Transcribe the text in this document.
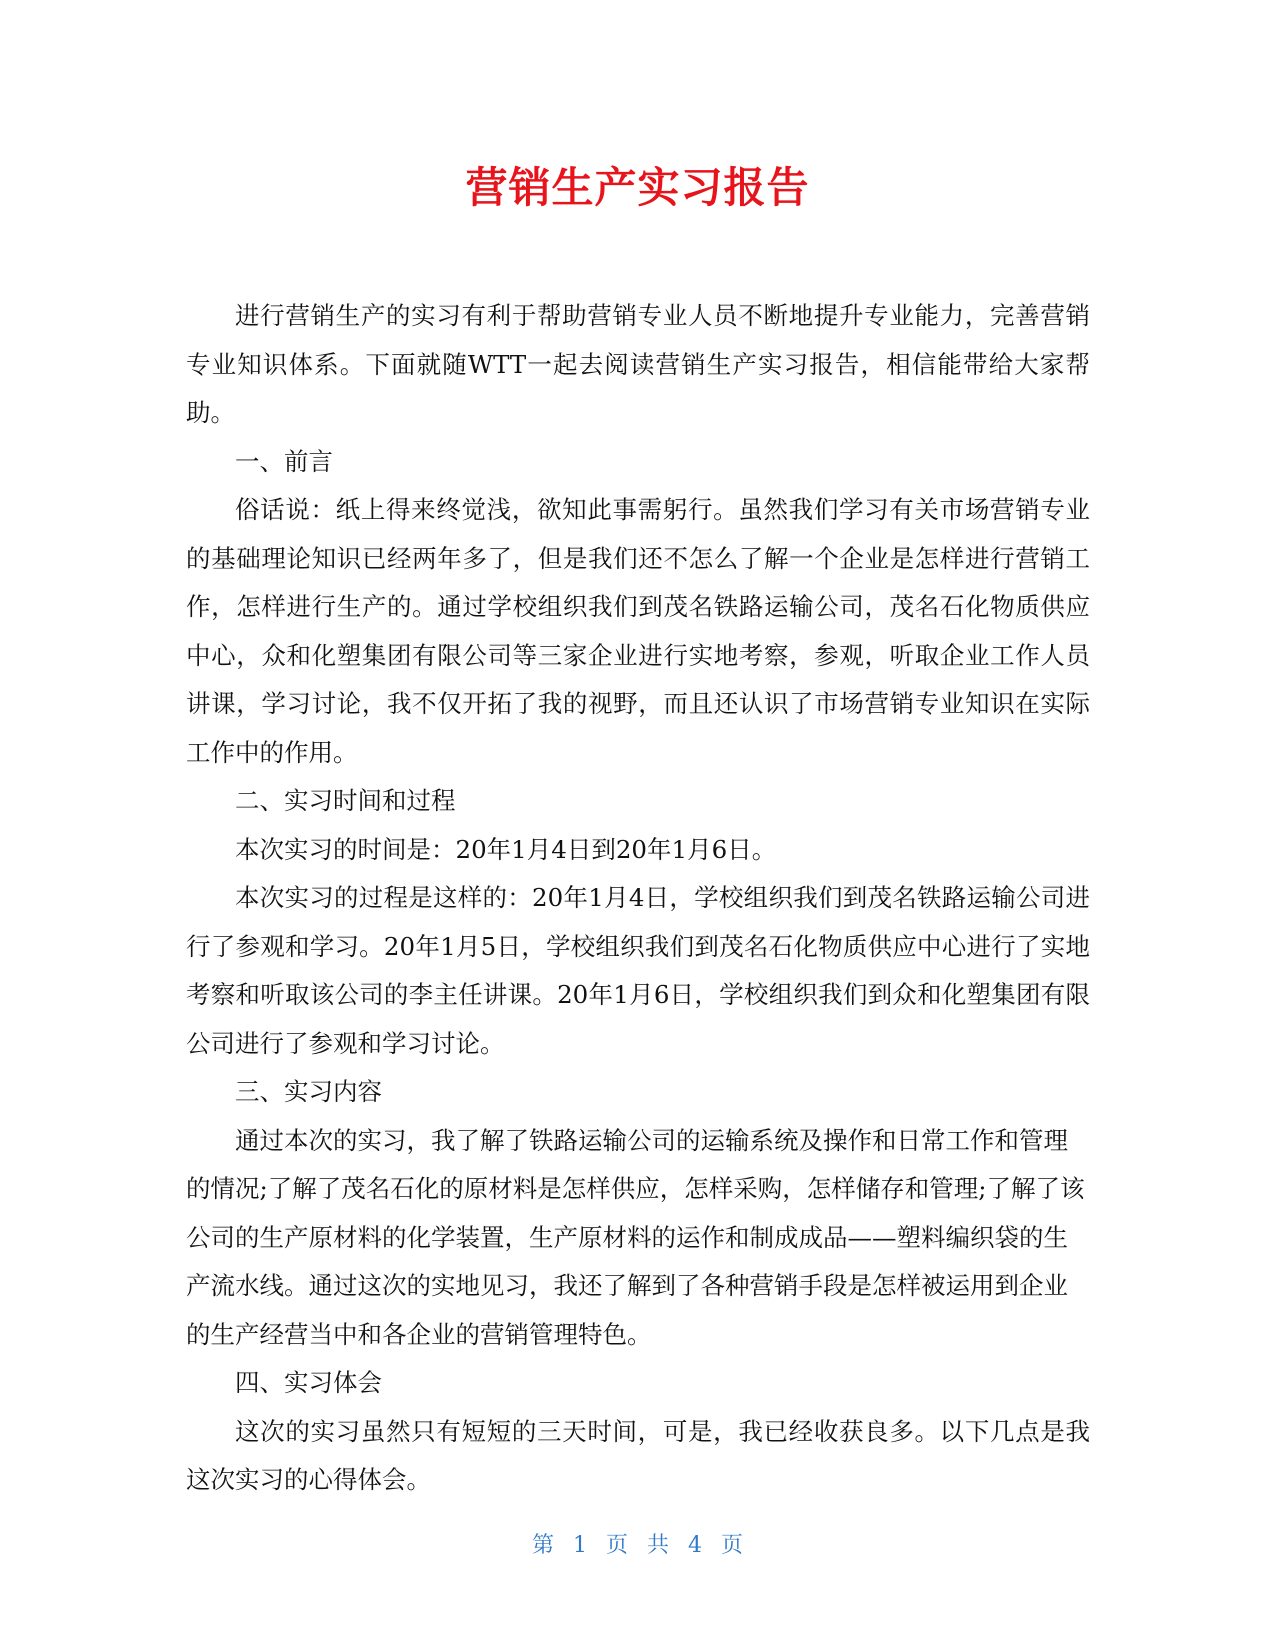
营销生产实习报告

进行营销生产的实习有利于帮助营销专业人员不断地提升专业能力，完善营销专业知识体系。下面就随WTT一起去阅读营销生产实习报告，相信能带给大家帮助。

一、前言

俗话说：纸上得来终觉浅，欲知此事需躬行。虽然我们学习有关市场营销专业的基础理论知识已经两年多了，但是我们还不怎么了解一个企业是怎样进行营销工作，怎样进行生产的。通过学校组织我们到茂名铁路运输公司，茂名石化物质供应中心，众和化塑集团有限公司等三家企业进行实地考察，参观，听取企业工作人员讲课，学习讨论，我不仅开拓了我的视野，而且还认识了市场营销专业知识在实际工作中的作用。

二、实习时间和过程

本次实习的时间是：20年1月4日到20年1月6日。

本次实习的过程是这样的：20年1月4日，学校组织我们到茂名铁路运输公司进行了参观和学习。20年1月5日，学校组织我们到茂名石化物质供应中心进行了实地考察和听取该公司的李主任讲课。20年1月6日，学校组织我们到众和化塑集团有限公司进行了参观和学习讨论。

三、实习内容

通过本次的实习，我了解了铁路运输公司的运输系统及操作和日常工作和管理的情况;了解了茂名石化的原材料是怎样供应，怎样采购，怎样储存和管理;了解了该公司的生产原材料的化学装置，生产原材料的运作和制成成品——塑料编织袋的生产流水线。通过这次的实地见习，我还了解到了各种营销手段是怎样被运用到企业的生产经营当中和各企业的营销管理特色。

四、实习体会

这次的实习虽然只有短短的三天时间，可是，我已经收获良多。以下几点是我这次实习的心得体会。

第 1 页 共 4 页
